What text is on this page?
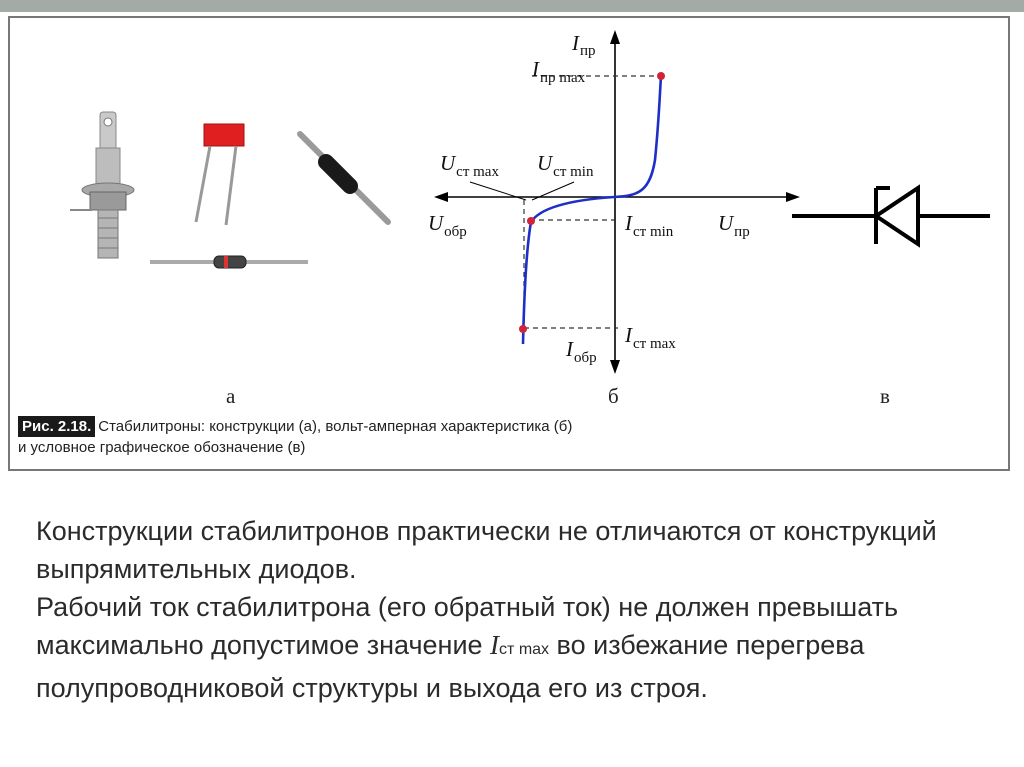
$I_{пр}$
$I_{пр max}$
$U_{ст max}$ $U_{ст min}$
$U_{обр}$	$I_{ст min}$ $U_{пр}$
$I_{ст max}$
$I_{обр}$
а	б	в
Рис. 2.18. Стабилитроны: конструкции (а), вольт-амперная характеристика (б)
и условное графическое обозначение (в)

Конструкции стабилитронов практически не отличаются от конструкций выпрямительных диодов.

Рабочий ток стабилитрона (его обратный ток) не должен превышать максимально допустимое значение Iст max во избежание перегрева полупроводниковой структуры и выхода его из строя.
